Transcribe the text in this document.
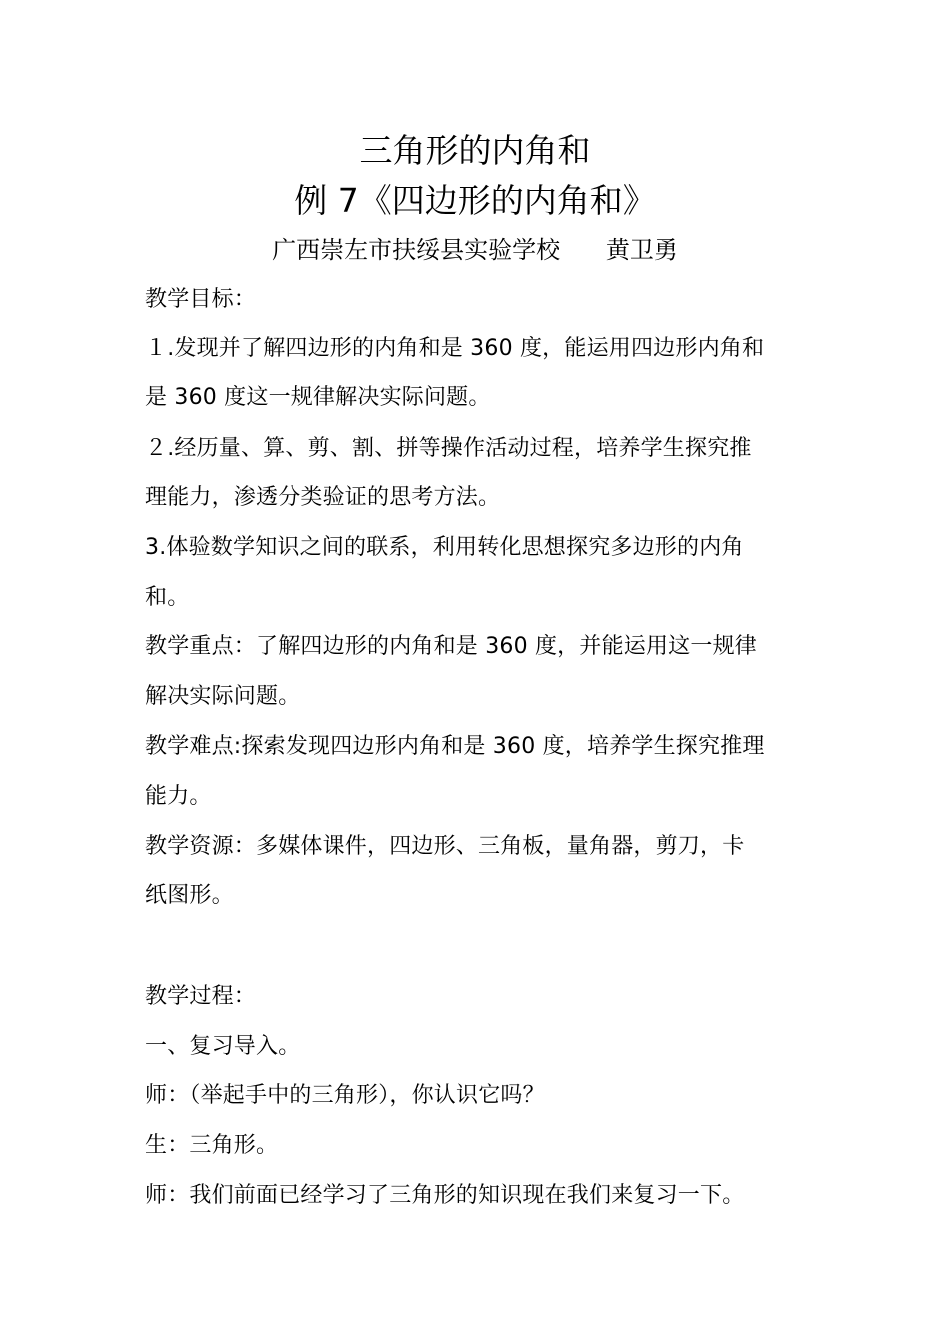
三角形的内角和
例 7《四边形的内角和》
广西崇左市扶绥县实验学校      黄卫勇
教学目标：
１.发现并了解四边形的内角和是 360 度，能运用四边形内角和
是 360 度这一规律解决实际问题。
２.经历量、算、剪、割、拼等操作活动过程，培养学生探究推
理能力，渗透分类验证的思考方法。
3.体验数学知识之间的联系，利用转化思想探究多边形的内角
和。
教学重点：了解四边形的内角和是 360 度，并能运用这一规律
解决实际问题。
教学难点:探索发现四边形内角和是 360 度，培养学生探究推理
能力。
教学资源：多媒体课件，四边形、三角板，量角器，剪刀，卡
纸图形。
教学过程：
一、复习导入。
师：（举起手中的三角形），你认识它吗？
生：三角形。
师：我们前面已经学习了三角形的知识现在我们来复习一下。
